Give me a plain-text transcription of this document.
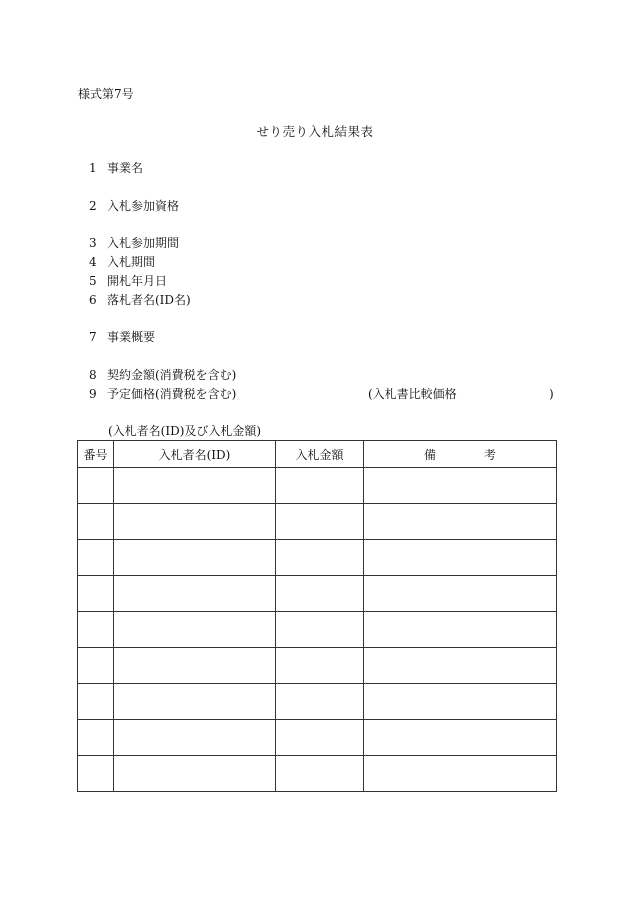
様式第7号
せり売り入札結果表
1 事業名
2 入札参加資格
3 入札参加期間
4 入札期間
5 開札年月日
6 落札者名(ID名)
7 事業概要
8 契約金額(消費税を含む)
9 予定価格(消費税を含む)	(入札書比較価格	)
(入札者名(ID)及び入札金額)
番号	入札者名(ID)	入札金額	備　　　　考
